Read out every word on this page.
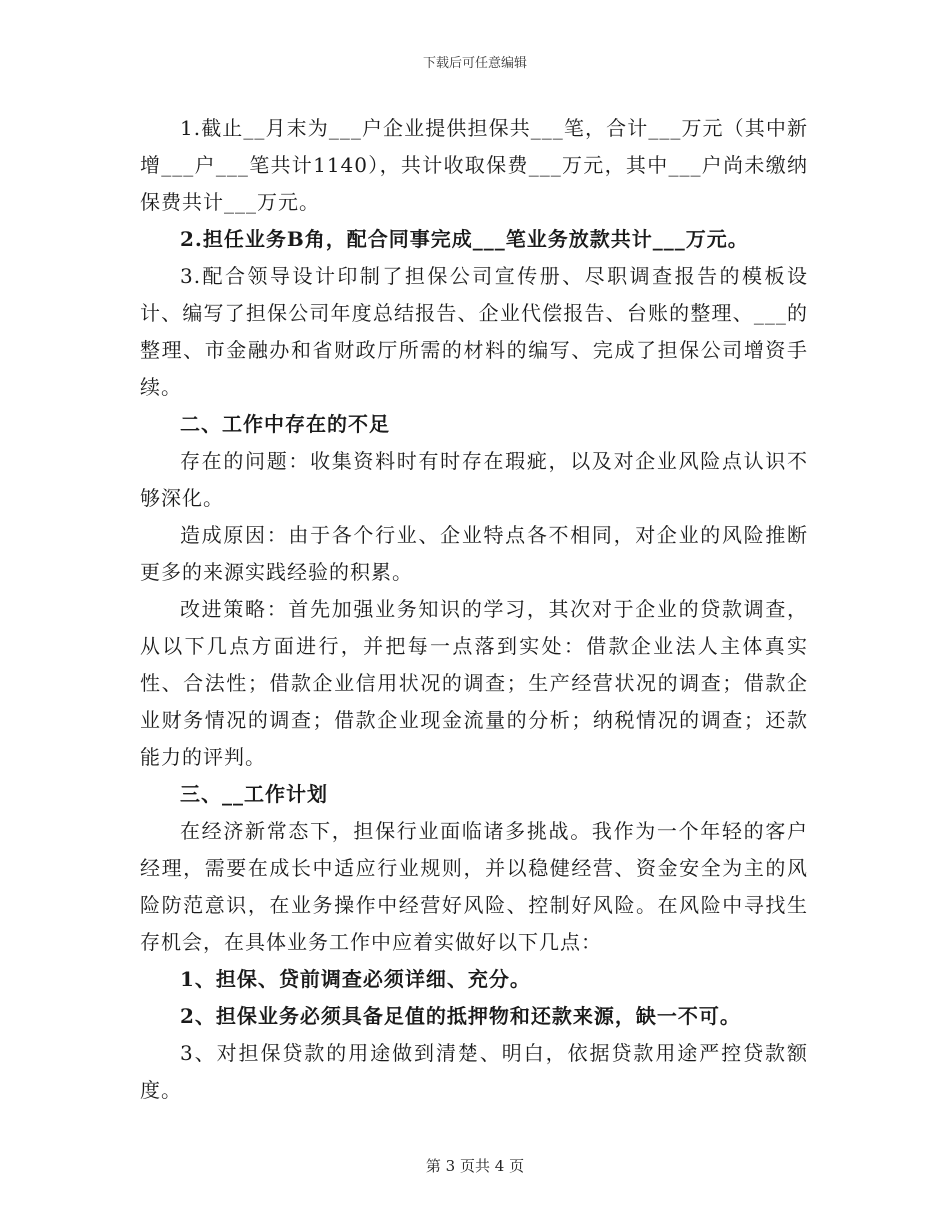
下载后可任意编辑

1.截止__月末为___户企业提供担保共___笔，合计___万元（其中新增___户___笔共计1140），共计收取保费___万元，其中___户尚未缴纳保费共计___万元。

2.担任业务B角，配合同事完成___笔业务放款共计___万元。

3.配合领导设计印制了担保公司宣传册、尽职调查报告的模板设计、编写了担保公司年度总结报告、企业代偿报告、台账的整理、___的整理、市金融办和省财政厅所需的材料的编写、完成了担保公司增资手续。

二、工作中存在的不足

存在的问题：收集资料时有时存在瑕疵，以及对企业风险点认识不够深化。

造成原因：由于各个行业、企业特点各不相同，对企业的风险推断更多的来源实践经验的积累。

改进策略：首先加强业务知识的学习，其次对于企业的贷款调查，从以下几点方面进行，并把每一点落到实处：借款企业法人主体真实性、合法性；借款企业信用状况的调查；生产经营状况的调查；借款企业财务情况的调查；借款企业现金流量的分析；纳税情况的调查；还款能力的评判。

三、__工作计划

在经济新常态下，担保行业面临诸多挑战。我作为一个年轻的客户经理，需要在成长中适应行业规则，并以稳健经营、资金安全为主的风险防范意识，在业务操作中经营好风险、控制好风险。在风险中寻找生存机会，在具体业务工作中应着实做好以下几点：

1、担保、贷前调查必须详细、充分。

2、担保业务必须具备足值的抵押物和还款来源，缺一不可。

3、对担保贷款的用途做到清楚、明白，依据贷款用途严控贷款额度。

第 3 页共 4 页
